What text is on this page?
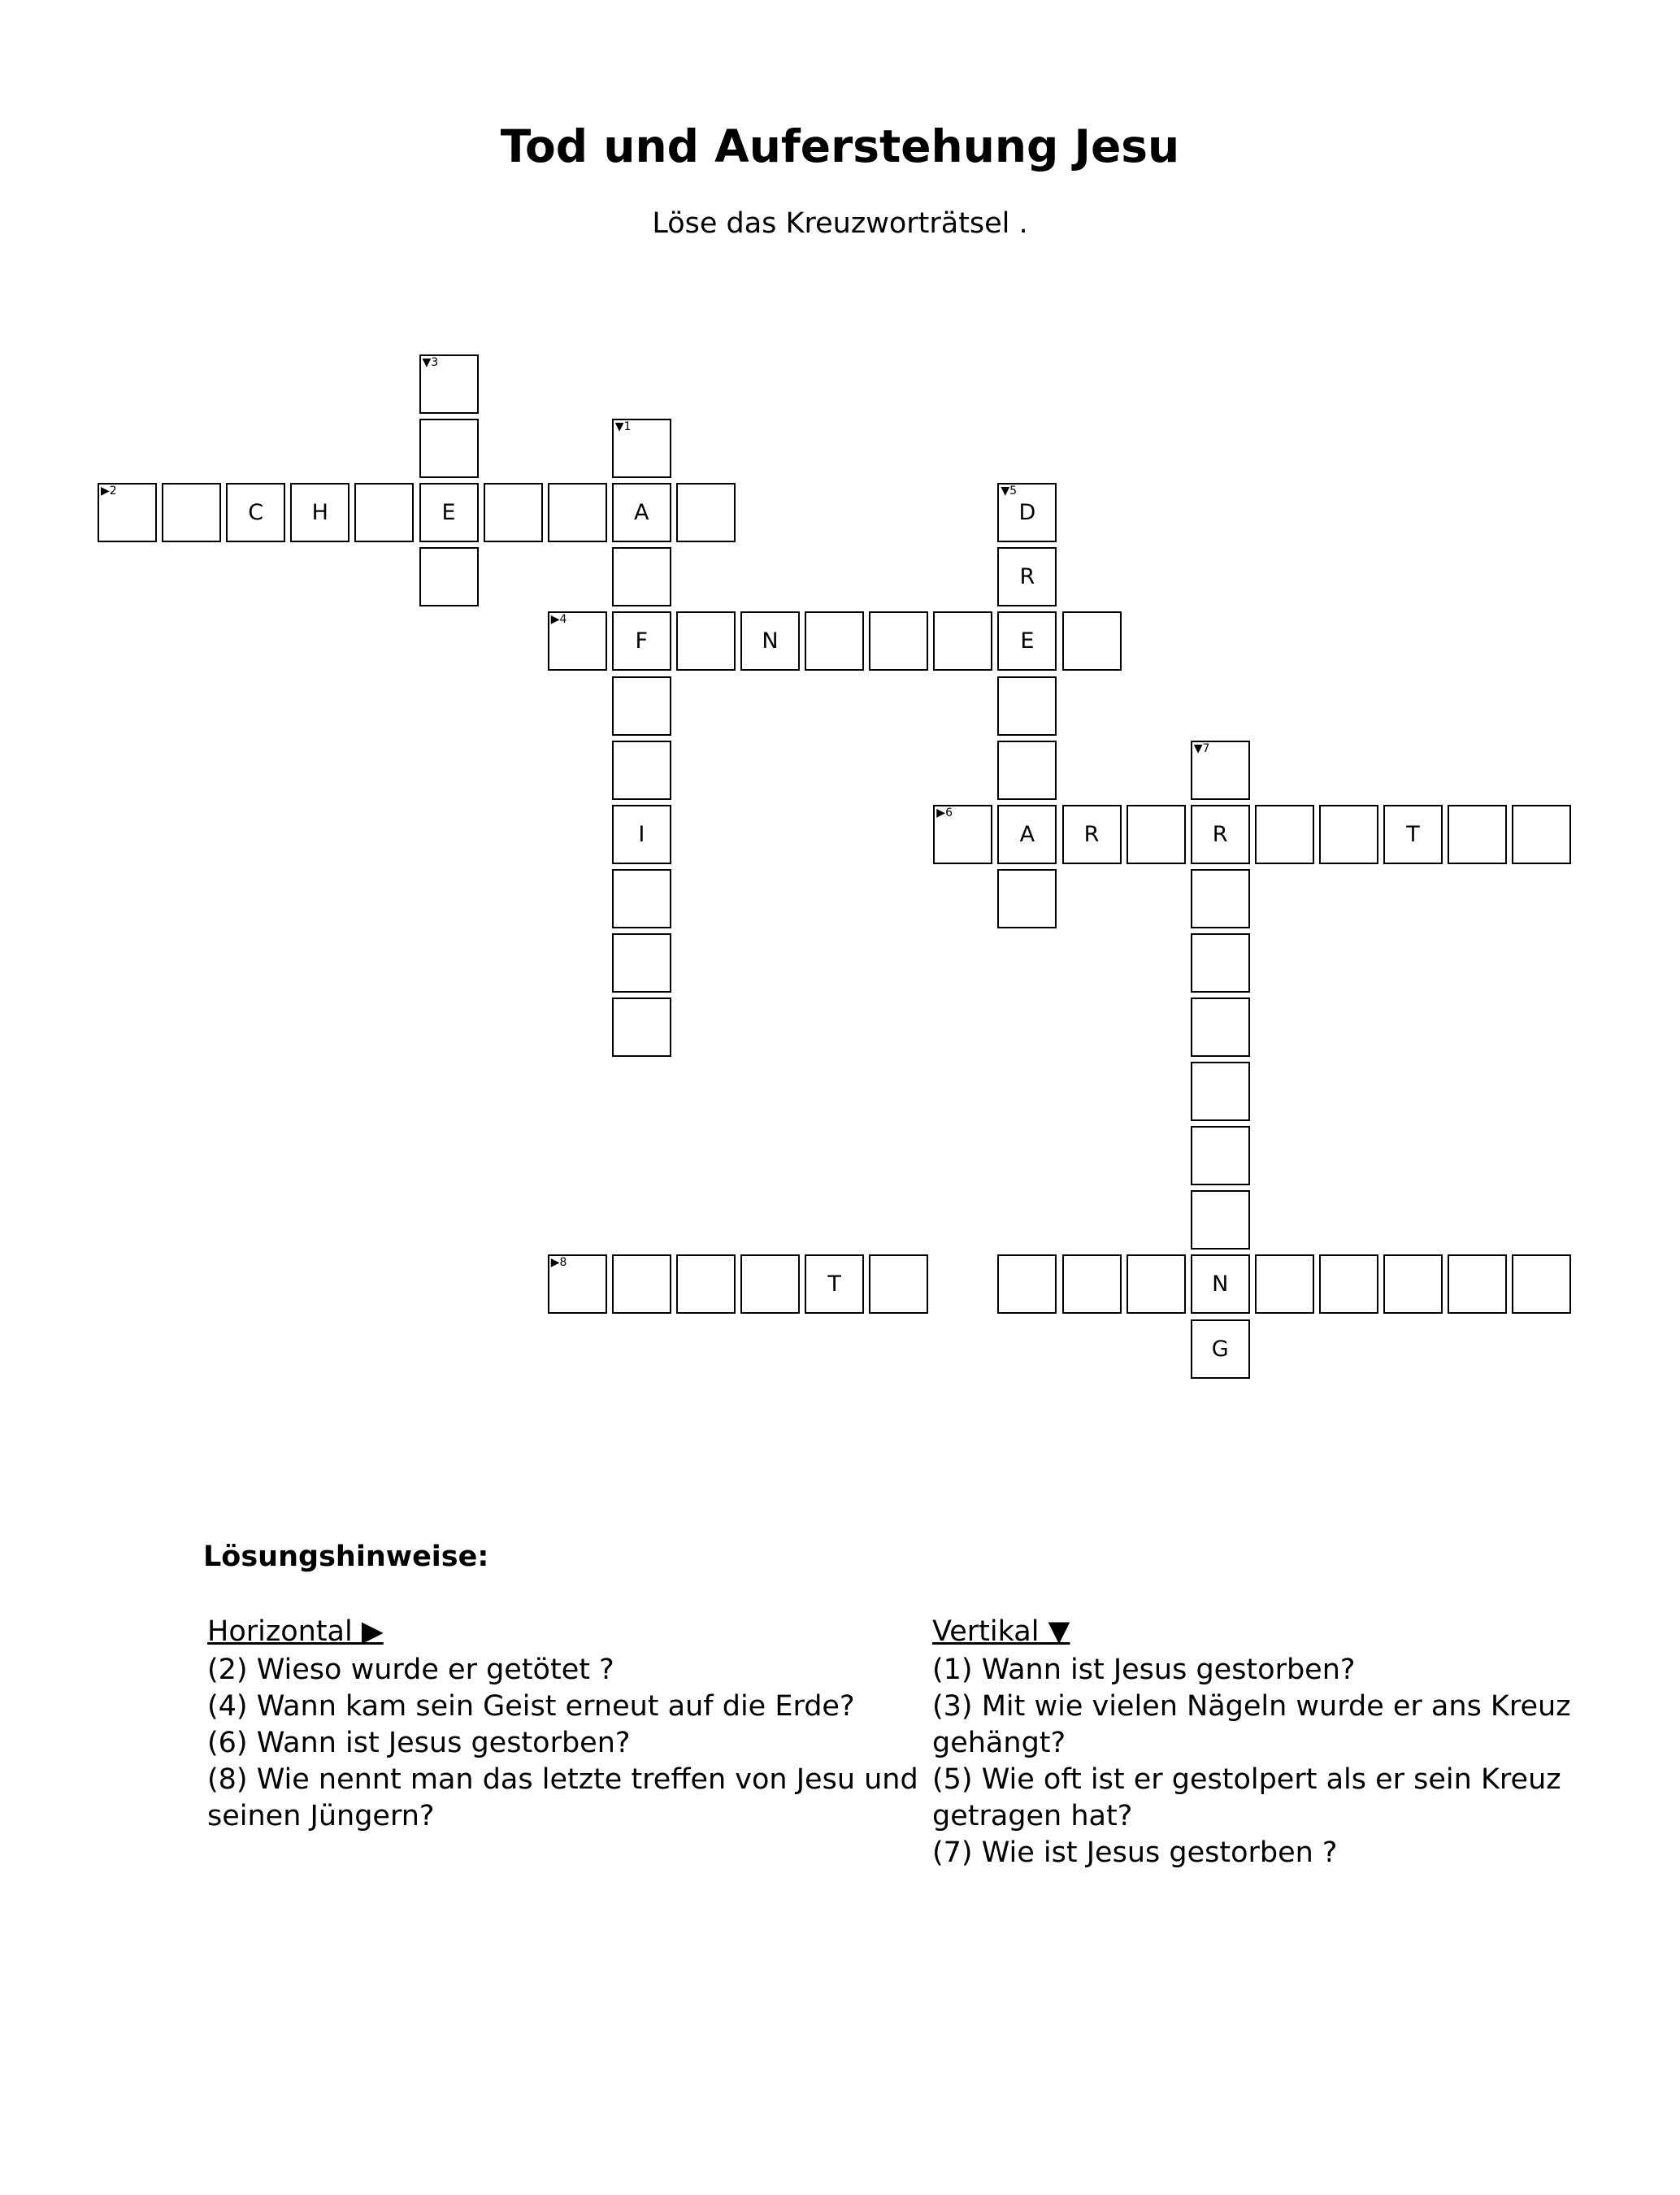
Tod und Auferstehung Jesu

Löse das Kreuzworträtsel .

▼3
▼1
▶2
C	H	E	A
▼5
D
R
▶4
F	N	E
▼7
I
▶6
A	R	R	T
▶8
T	N
G

Lösungshinweise:

Horizontal ▶
(2) Wieso wurde er getötet ?
(4) Wann kam sein Geist erneut auf die Erde?
(6) Wann ist Jesus gestorben?
(8) Wie nennt man das letzte treffen von Jesu und seinen Jüngern?
Vertikal ▼
(1) Wann ist Jesus gestorben?
(3) Mit wie vielen Nägeln wurde er ans Kreuz gehängt?
(5) Wie oft ist er gestolpert als er sein Kreuz getragen hat?
(7) Wie ist Jesus gestorben ?
